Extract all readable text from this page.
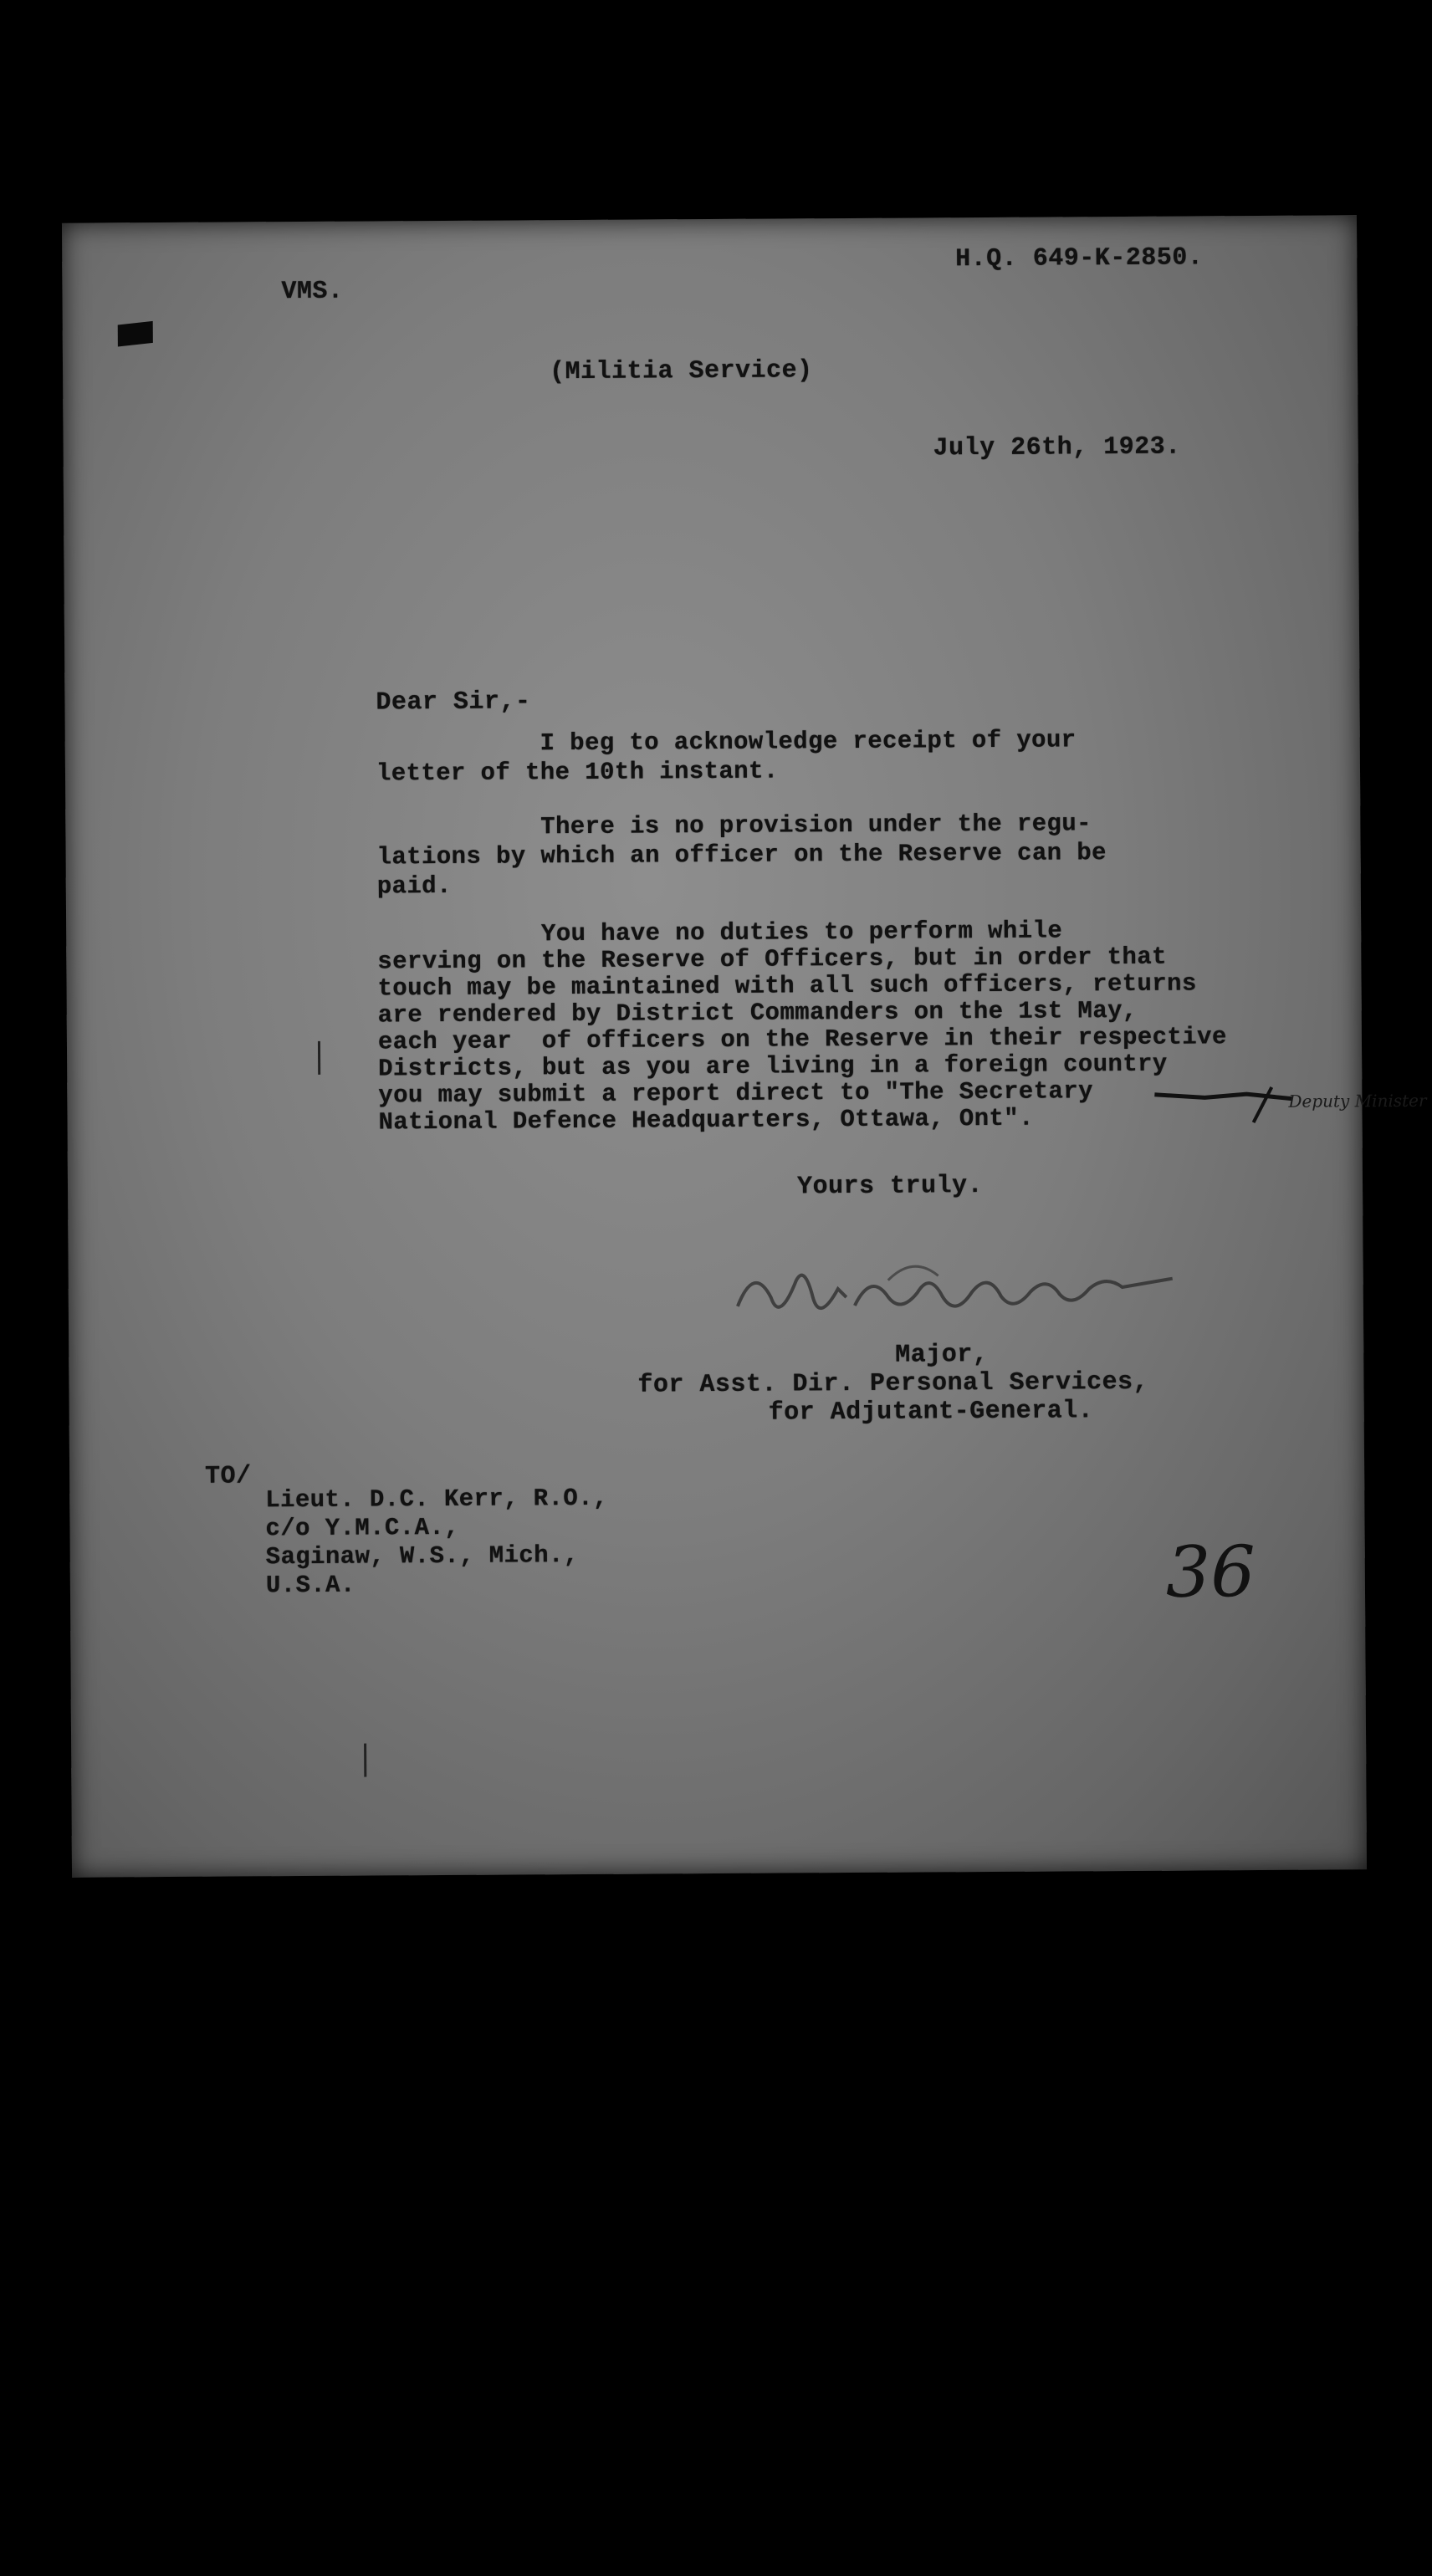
VMS.
H.Q. 649-K-2850.
(Militia Service)
July 26th, 1923.
Dear Sir,-
I beg to acknowledge receipt of your
letter of the 10th instant.
There is no provision under the regu-
lations by which an officer on the Reserve can be
paid.
You have no duties to perform while
serving on the Reserve of Officers, but in order that
touch may be maintained with all such officers, returns
are rendered by District Commanders on the 1st May,
each year  of officers on the Reserve in their respective
Districts, but as you are living in a foreign country
you may submit a report direct to "The Secretary
National Defence Headquarters, Ottawa, Ont".
Deputy Minister
Yours truly.
Major,
for Asst. Dir. Personal Services,
for Adjutant-General.
TO/
Lieut. D.C. Kerr, R.O.,
c/o Y.M.C.A.,
Saginaw, W.S., Mich.,
U.S.A.	36
